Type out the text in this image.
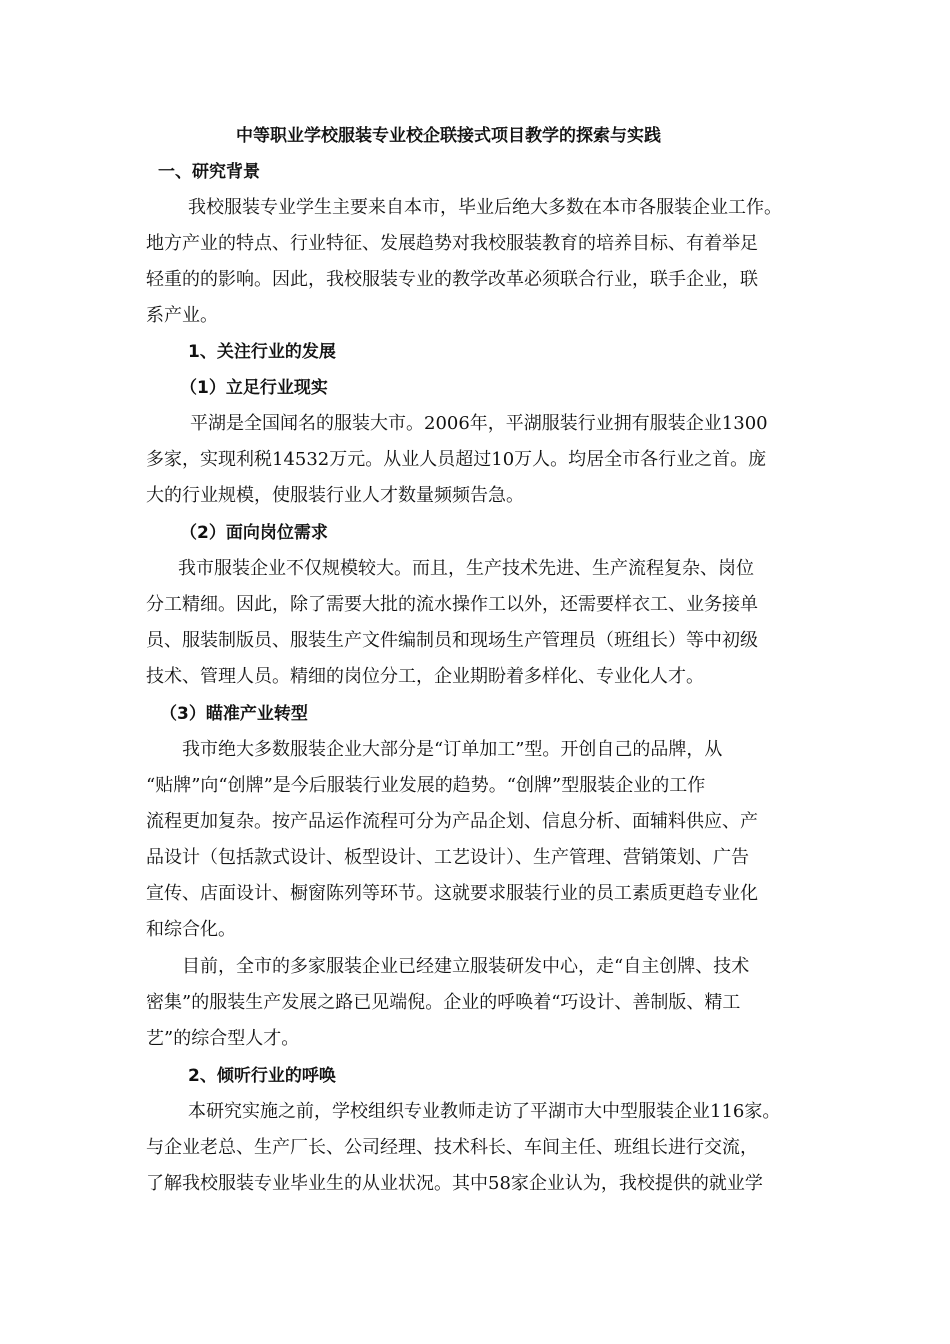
中等职业学校服装专业校企联接式项目教学的探索与实践
一、研究背景
我校服装专业学生主要来自本市，毕业后绝大多数在本市各服装企业工作。
地方产业的特点、行业特征、发展趋势对我校服装教育的培养目标、有着举足
轻重的的影响。因此，我校服装专业的教学改革必须联合行业，联手企业，联
系产业。
1、关注行业的发展
（1）立足行业现实
平湖是全国闻名的服装大市。2006年，平湖服装行业拥有服装企业1300
多家，实现利税14532万元。从业人员超过10万人。均居全市各行业之首。庞
大的行业规模，使服装行业人才数量频频告急。
（2）面向岗位需求
我市服装企业不仅规模较大。而且，生产技术先进、生产流程复杂、岗位
分工精细。因此，除了需要大批的流水操作工以外，还需要样衣工、业务接单
员、服装制版员、服装生产文件编制员和现场生产管理员（班组长）等中初级
技术、管理人员。精细的岗位分工，企业期盼着多样化、专业化人才。
（3）瞄准产业转型
我市绝大多数服装企业大部分是“订单加工”型。开创自己的品牌，从
“贴牌”向“创牌”是今后服装行业发展的趋势。“创牌”型服装企业的工作
流程更加复杂。按产品运作流程可分为产品企划、信息分析、面辅料供应、产
品设计（包括款式设计、板型设计、工艺设计）、生产管理、营销策划、广告
宣传、店面设计、橱窗陈列等环节。这就要求服装行业的员工素质更趋专业化
和综合化。
目前，全市的多家服装企业已经建立服装研发中心，走“自主创牌、技术
密集”的服装生产发展之路已见端倪。企业的呼唤着“巧设计、善制版、精工
艺”的综合型人才。
2、倾听行业的呼唤
本研究实施之前，学校组织专业教师走访了平湖市大中型服装企业116家。
与企业老总、生产厂长、公司经理、技术科长、车间主任、班组长进行交流，
了解我校服装专业毕业生的从业状况。其中58家企业认为，我校提供的就业学
